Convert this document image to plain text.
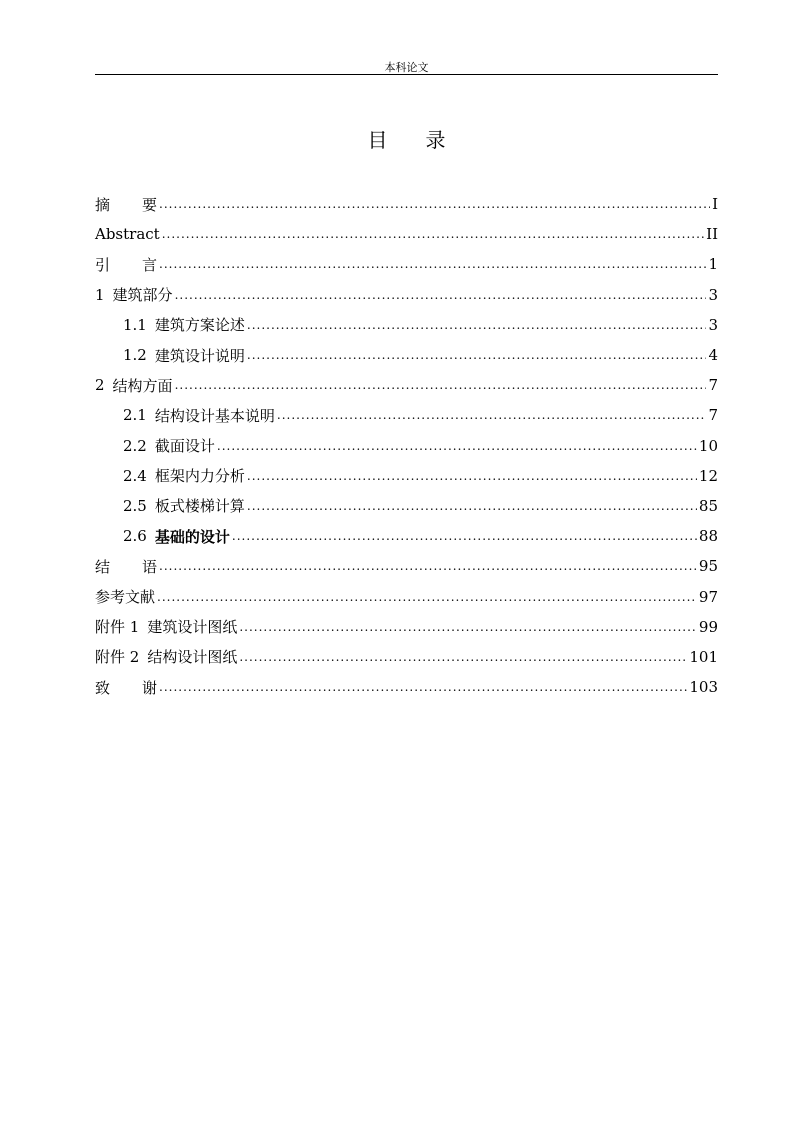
本科论文
目 录
摘 要 .....	I
Abstract .....	II
引 言 .....	1
1 建筑部分 .....	3
1.1 建筑方案论述 .....	3
1.2 建筑设计说明 .....	4
2 结构方面 .....	7
2.1 结构设计基本说明 .....	7
2.2 截面设计 .....	10
2.4 框架内力分析 .....	12
2.5 板式楼梯计算 .....	85
2.6 基础的设计 .....	88
结 语 .....	95
参考文献 .....	97
附件 1 建筑设计图纸 .....	99
附件 2 结构设计图纸 .....	101
致 谢 .....	103
